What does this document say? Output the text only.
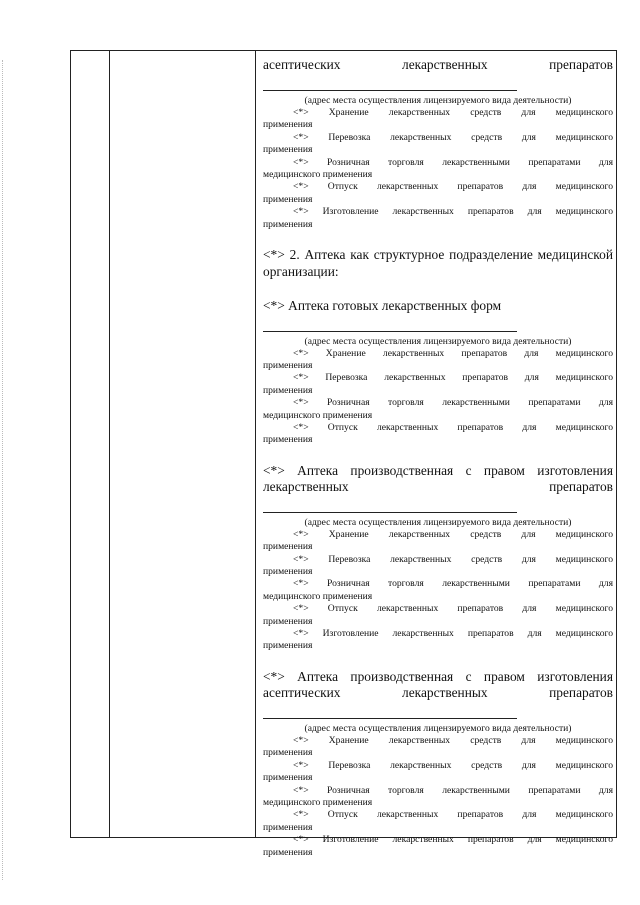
асептических лекарственных препаратов
(адрес места осуществления лицензируемого вида деятельности)
<*> Хранение лекарственных средств для медицинского
применения
<*> Перевозка лекарственных средств для медицинского
применения
<*> Розничная торговля лекарственными препаратами для
медицинского применения
<*> Отпуск лекарственных препаратов для медицинского
применения
<*> Изготовление лекарственных препаратов для медицинского
применения
<*> 2. Аптека как структурное подразделение медицинской
организации:
<*> Аптека готовых лекарственных форм
(адрес места осуществления лицензируемого вида деятельности)
<*> Хранение лекарственных препаратов для медицинского
применения
<*> Перевозка лекарственных препаратов для медицинского
применения
<*> Розничная торговля лекарственными препаратами для
медицинского применения
<*> Отпуск лекарственных препаратов для медицинского
применения
<*> Аптека производственная с правом изготовления
лекарственных препаратов
(адрес места осуществления лицензируемого вида деятельности)
<*> Хранение лекарственных средств для медицинского
применения
<*> Перевозка лекарственных средств для медицинского
применения
<*> Розничная торговля лекарственными препаратами для
медицинского применения
<*> Отпуск лекарственных препаратов для медицинского
применения
<*> Изготовление лекарственных препаратов для медицинского
применения
<*> Аптека производственная с правом изготовления
асептических лекарственных препаратов
(адрес места осуществления лицензируемого вида деятельности)
<*> Хранение лекарственных средств для медицинского
применения
<*> Перевозка лекарственных средств для медицинского
применения
<*> Розничная торговля лекарственными препаратами для
медицинского применения
<*> Отпуск лекарственных препаратов для медицинского
применения
<*> Изготовление лекарственных препаратов для медицинского
применения
